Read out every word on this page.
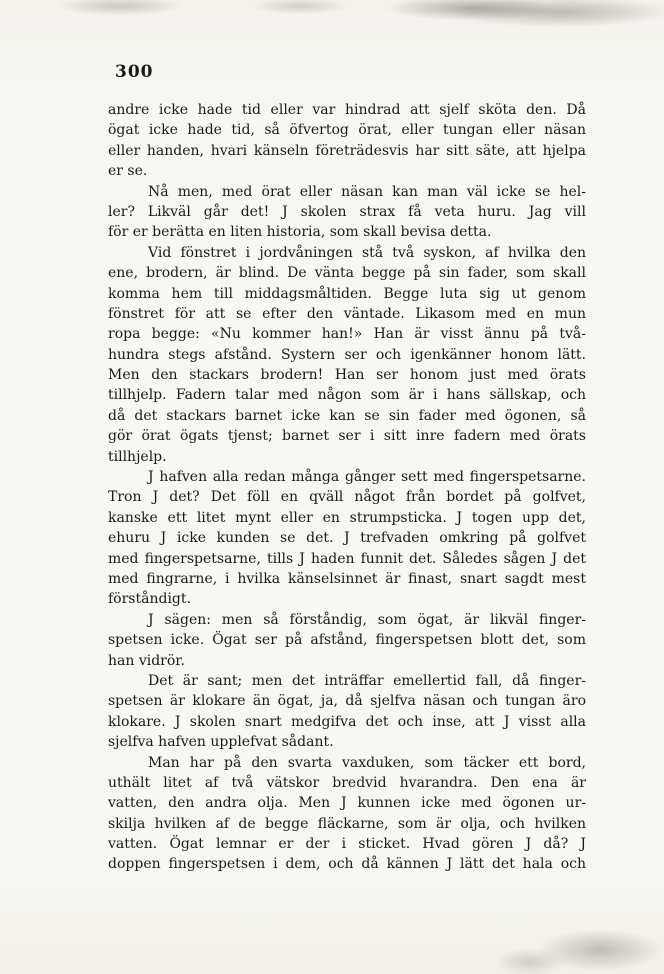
300
andre icke hade tid eller var hindrad att sjelf sköta den. Då
ögat icke hade tid, så öfvertog örat, eller tungan eller näsan
eller handen, hvari känseln företrädesvis har sitt säte, att hjelpa
er se.
Nå men, med örat eller näsan kan man väl icke se hel-
ler? Likväl går det! J skolen strax få veta huru. Jag vill
för er berätta en liten historia, som skall bevisa detta.
Vid fönstret i jordvåningen stå två syskon, af hvilka den
ene, brodern, är blind. De vänta begge på sin fader, som skall
komma hem till middagsmåltiden. Begge luta sig ut genom
fönstret för att se efter den väntade. Likasom med en mun
ropa begge: «Nu kommer han!» Han är visst ännu på två-
hundra stegs afstånd. Systern ser och igenkänner honom lätt.
Men den stackars brodern! Han ser honom just med örats
tillhjelp. Fadern talar med någon som är i hans sällskap, och
då det stackars barnet icke kan se sin fader med ögonen, så
gör örat ögats tjenst; barnet ser i sitt inre fadern med örats
tillhjelp.
J hafven alla redan många gånger sett med fingerspetsarne.
Tron J det? Det föll en qväll något från bordet på golfvet,
kanske ett litet mynt eller en strumpsticka. J togen upp det,
ehuru J icke kunden se det. J trefvaden omkring på golfvet
med fingerspetsarne, tills J haden funnit det. Således sågen J det
med fingrarne, i hvilka känselsinnet är finast, snart sagdt mest
förståndigt.
J sägen: men så förståndig, som ögat, är likväl finger-
spetsen icke. Ögat ser på afstånd, fingerspetsen blott det, som
han vidrör.
Det är sant; men det inträffar emellertid fall, då finger-
spetsen är klokare än ögat, ja, då sjelfva näsan och tungan äro
klokare. J skolen snart medgifva det och inse, att J visst alla
sjelfva hafven upplefvat sådant.
Man har på den svarta vaxduken, som täcker ett bord,
uthält litet af två vätskor bredvid hvarandra. Den ena är
vatten, den andra olja. Men J kunnen icke med ögonen ur-
skilja hvilken af de begge fläckarne, som är olja, och hvilken
vatten. Ögat lemnar er der i sticket. Hvad gören J då? J
doppen fingerspetsen i dem, och då kännen J lätt det hala och
